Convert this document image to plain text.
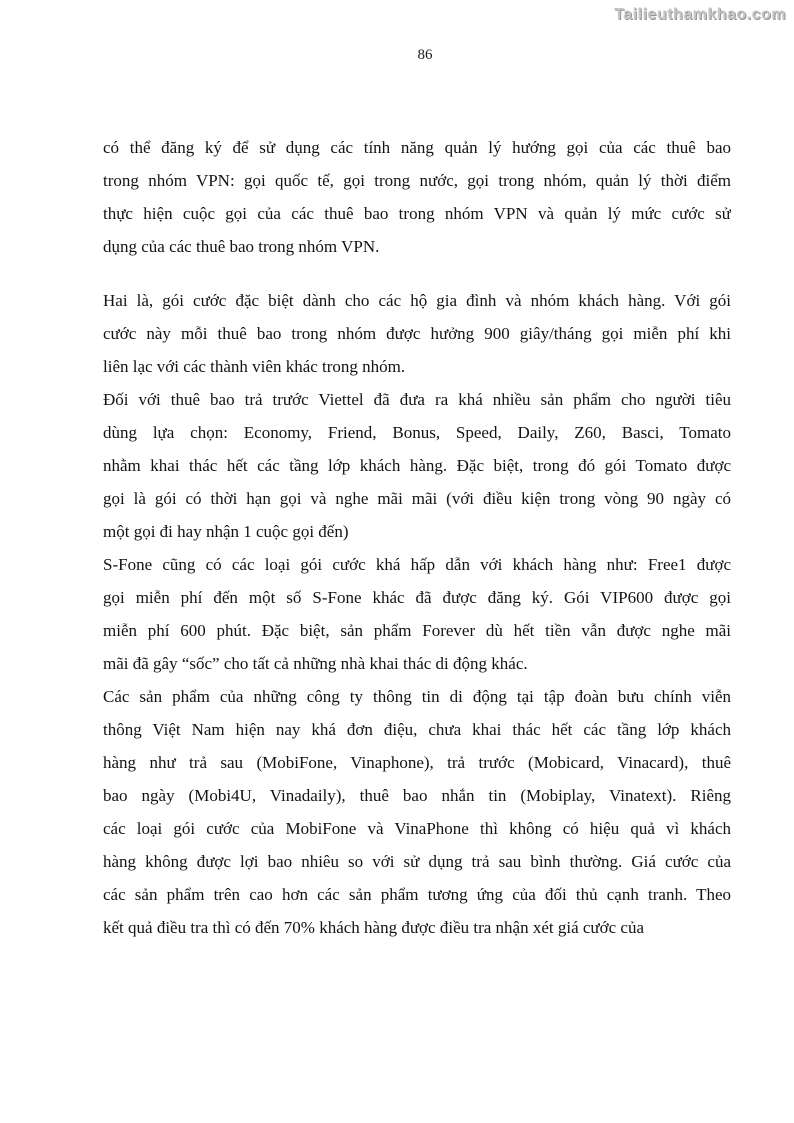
Tailieuthamkhao.com
86

có thể đăng ký để sử dụng các tính năng quản lý hướng gọi của các thuê bao
trong nhóm VPN: gọi quốc tế, gọi trong nước, gọi trong nhóm, quản lý thời điểm
thực hiện cuộc gọi của các thuê bao trong nhóm VPN và quản lý mức cước sử
dụng của các thuê bao trong nhóm VPN.

Hai là, gói cước đặc biệt dành cho các hộ gia đình và nhóm khách hàng. Với gói
cước này mỗi thuê bao trong nhóm được hưởng 900 giây/tháng gọi miễn phí khi
liên lạc với các thành viên khác trong nhóm.

Đối với thuê bao trả trước Viettel đã đưa ra khá nhiều sản phẩm cho người tiêu
dùng lựa chọn: Economy, Friend, Bonus, Speed, Daily, Z60, Basci, Tomato
nhằm khai thác hết các tầng lớp khách hàng. Đặc biệt, trong đó gói Tomato được
gọi là gói có thời hạn gọi và nghe mãi mãi (với điều kiện trong vòng 90 ngày có
một gọi đi hay nhận 1 cuộc gọi đến)

S-Fone cũng có các loại gói cước khá hấp dẫn với khách hàng như: Free1 được
gọi miễn phí đến một số S-Fone khác đã được đăng ký. Gói VIP600 được gọi
miễn phí 600 phút. Đặc biệt, sản phẩm Forever dù hết tiền vẫn được nghe mãi
mãi đã gây “sốc” cho tất cả những nhà khai thác di động khác.

Các sản phẩm của những công ty thông tin di động tại tập đoàn bưu chính viễn
thông Việt Nam hiện nay khá đơn điệu, chưa khai thác hết các tầng lớp khách
hàng như trả sau (MobiFone, Vinaphone), trả trước (Mobicard, Vinacard), thuê
bao ngày (Mobi4U, Vinadaily), thuê bao nhắn tin (Mobiplay, Vinatext). Riêng
các loại gói cước của MobiFone và VinaPhone thì không có hiệu quả vì khách
hàng không được lợi bao nhiêu so với sử dụng trả sau bình thường. Giá cước của
các sản phẩm trên cao hơn các sản phẩm tương ứng của đối thủ cạnh tranh. Theo
kết quả điều tra thì có đến 70% khách hàng được điều tra nhận xét giá cước của
